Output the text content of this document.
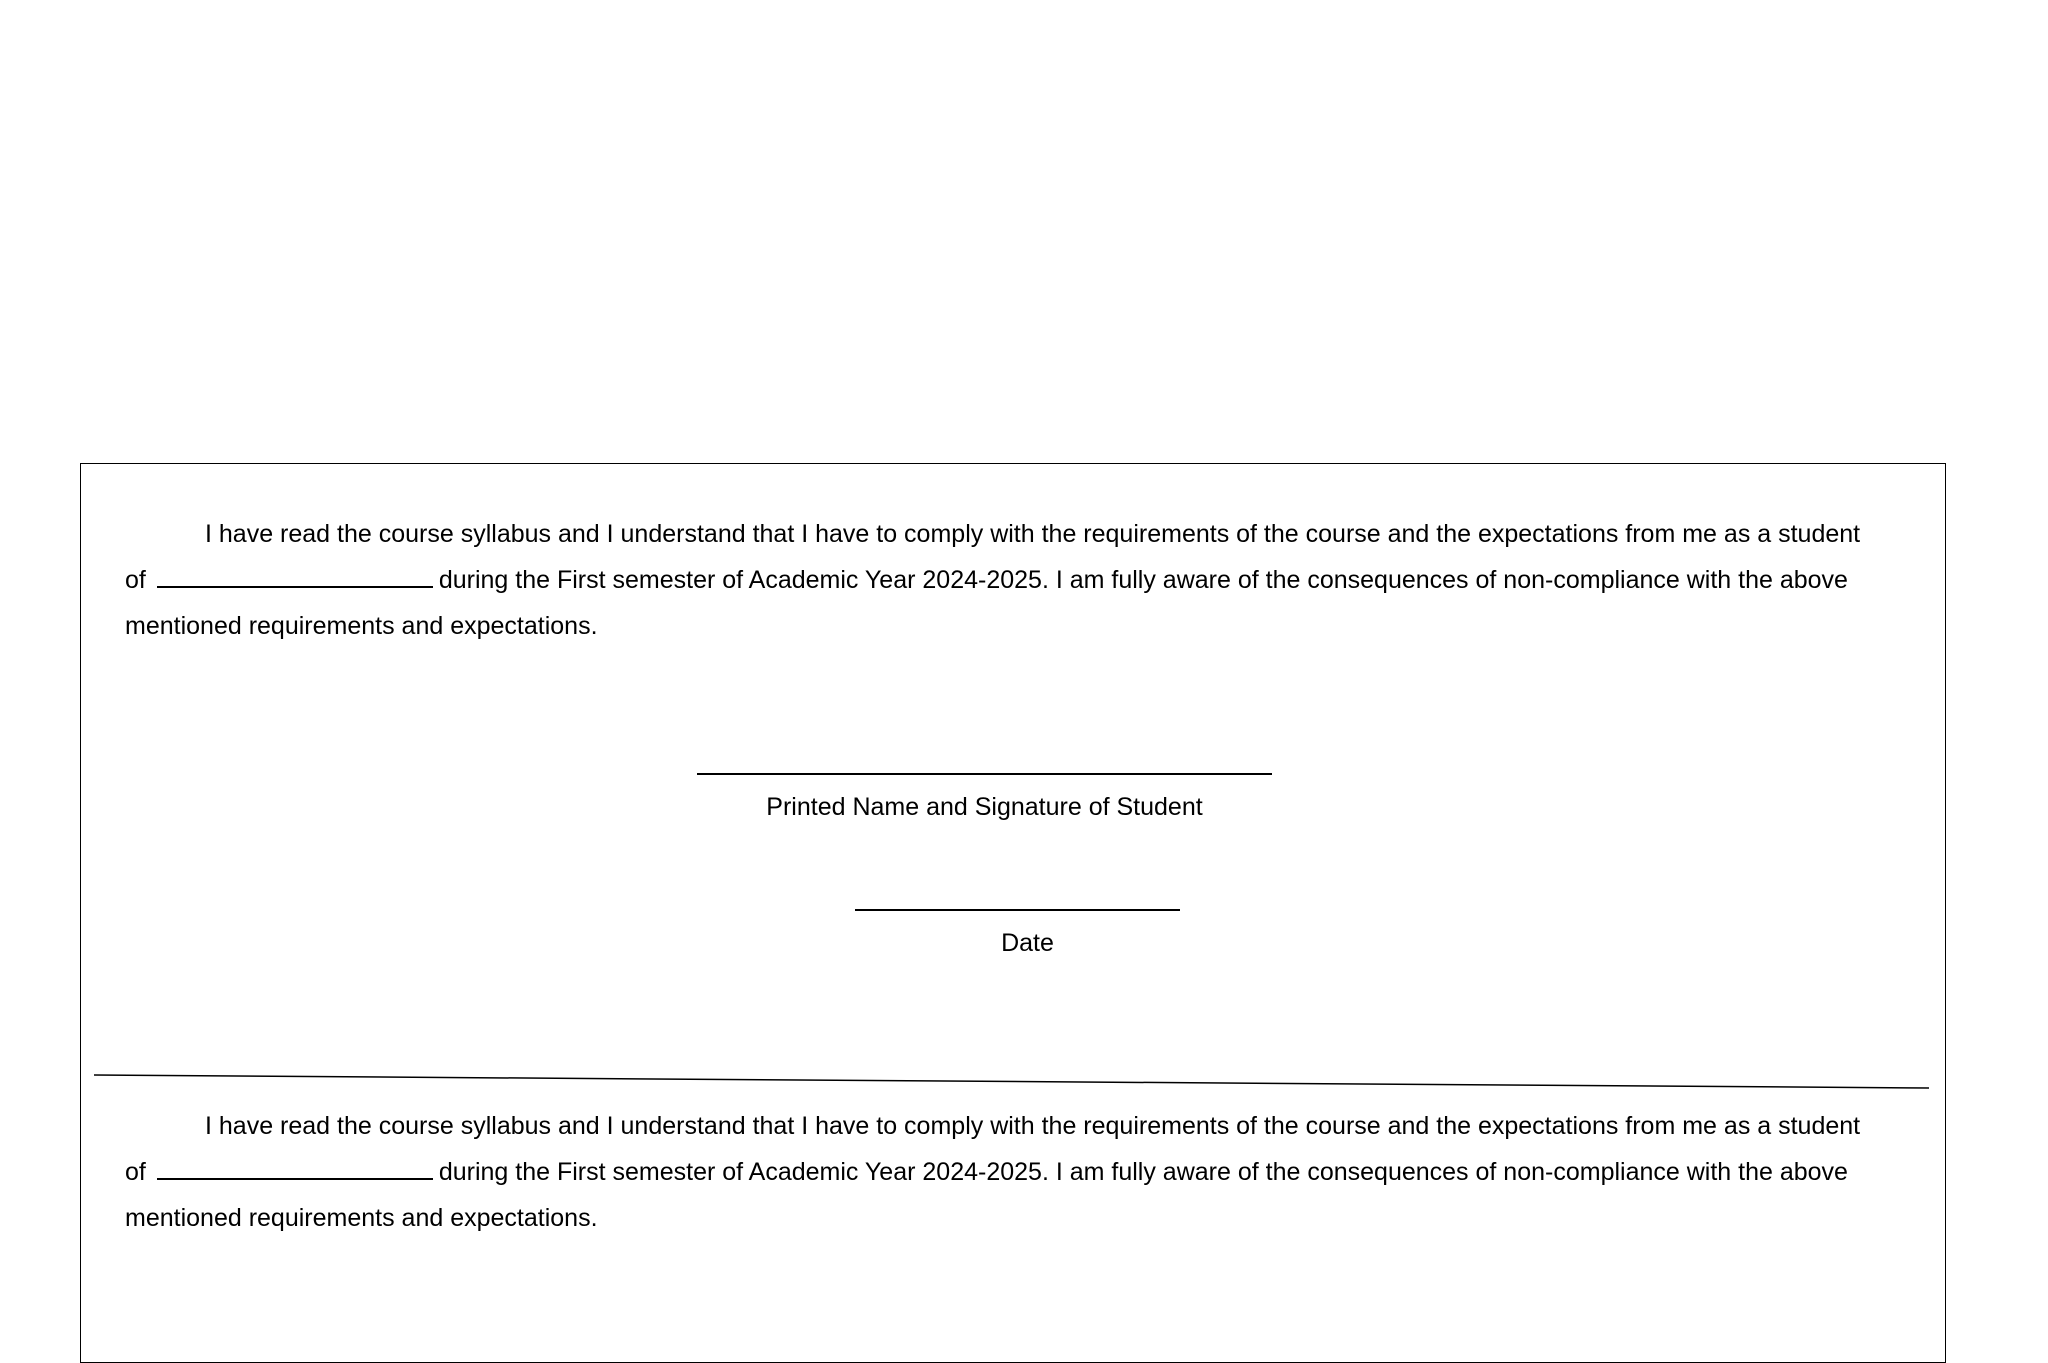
I have read the course syllabus and I understand that I have to comply with the requirements of the course and the expectations from me as a student of	during the First semester of Academic Year 2024-2025. I am fully aware of the consequences of non-compliance with the above mentioned requirements and expectations.

Printed Name and Signature of Student
Date

I have read the course syllabus and I understand that I have to comply with the requirements of the course and the expectations from me as a student of	during the First semester of Academic Year 2024-2025. I am fully aware of the consequences of non-compliance with the above mentioned requirements and expectations.
